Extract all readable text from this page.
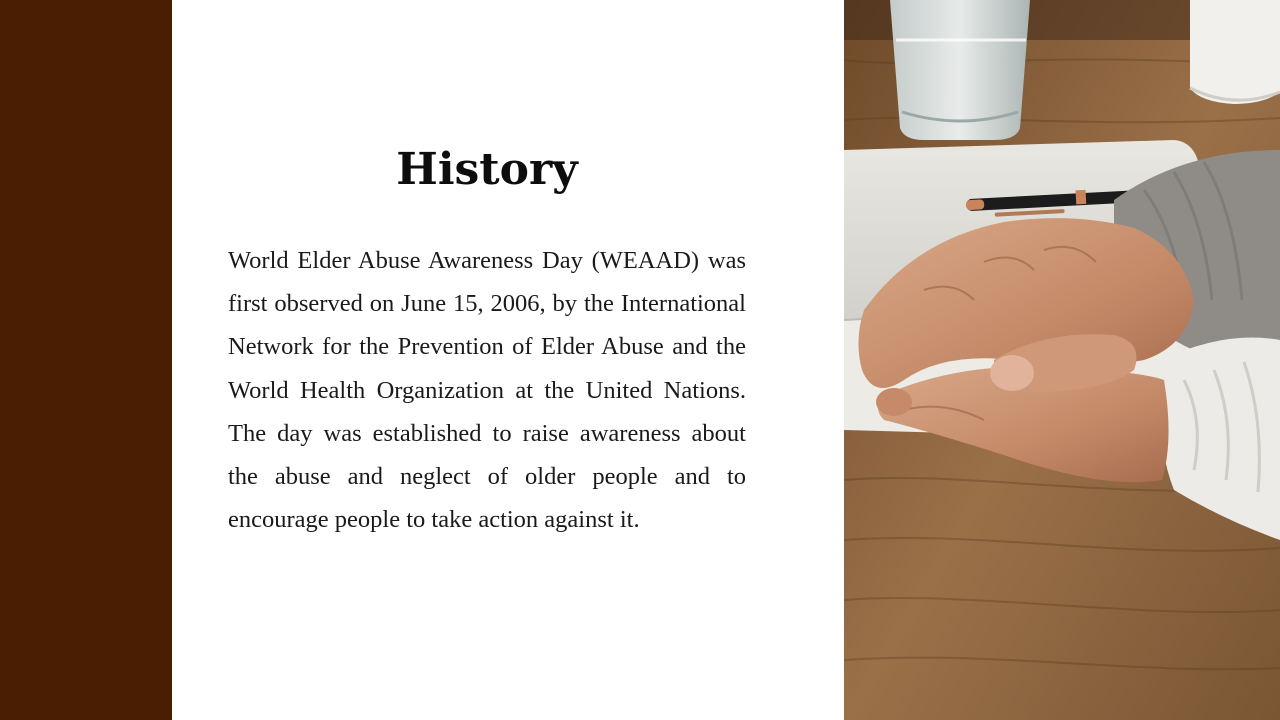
History

World Elder Abuse Awareness Day (WEAAD) was first observed on June 15, 2006, by the International Network for the Prevention of Elder Abuse and the World Health Organization at the United Nations. The day was established to raise awareness about the abuse and neglect of older people and to encourage people to take action against it.
